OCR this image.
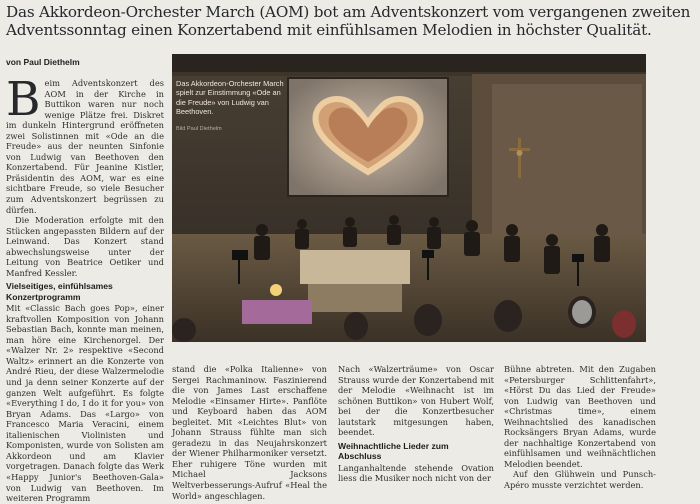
Das Akkordeon-Orchester March (AOM) bot am Adventskonzert vom vergangenen zweiten Adventssonntag einen Konzertabend mit einfühlsamen Melodien in höchster Qualität.
von Paul Diethelm
Das Akkordeon-Orchester March spielt zur Einstimmung «Ode an die Freude» von Ludwig van Beethoven.
Bild Paul Diethelm
B eim Adventskonzert des AOM in der Kirche in Buttikon waren nur noch wenige Plätze frei. Diskret im dunkeln Hintergrund eröffneten zwei Solistinnen mit «Ode an die Freude» aus der neunten Sinfonie von Ludwig van Beethoven den Konzertabend. Für Jeanine Kistler, Präsidentin des AOM, war es eine sichtbare Freude, so viele Besucher zum Adventskonzert begrüssen zu dürfen.

Die Moderation erfolgte mit den Stücken angepassten Bildern auf der Leinwand. Das Konzert stand abwechslungsweise unter der Leitung von Beatrice Oetiker und Manfred Kessler.

Vielseitiges, einfühlsames Konzertprogramm

Mit «Classic Bach goes Pop», einer kraftvollen Komposition von Johann Sebastian Bach, konnte man meinen, man höre eine Kirchenorgel. Der «Walzer Nr. 2» respektive «Second Waltz» erinnert an die Konzerte von André Rieu, der diese Walzermelodie und ja denn seiner Konzerte auf der ganzen Welt aufgeführt. Es folgte «Everything I do, I do it for you» von Bryan Adams. Das «Largo» von Francesco Maria Veracini, einem italienischen Violinisten und Komponisten, wurde von Solisten am Akkordeon und am Klavier vorgetragen. Danach folgte das Werk «Happy Junior's Beethoven-Gala» von Ludwig van Beethoven. Im weiteren Programm

stand die «Polka Italienne» von Sergei Rachmaninow. Faszinierend die von James Last erschaffene Melodie «Einsamer Hirte». Panflöte und Keyboard haben das AOM begleitet. Mit «Leichtes Blut» von Johann Strauss fühlte man sich geradezu in das Neujahrskonzert der Wiener Philharmoniker versetzt. Eher ruhigere Töne wurden mit Michael Jacksons Weltverbesserungs-Aufruf «Heal the World» angeschlagen.

Nach «Walzerträume» von Oscar Strauss wurde der Konzertabend mit der Melodie «Weihnacht ist im schönen Buttikon» von Hubert Wolf, bei der die Konzertbesucher lautstark mitgesungen haben, beendet.

Weihnachtliche Lieder zum Abschluss

Langanhaltende stehende Ovation liess die Musiker noch nicht von der

Bühne abtreten. Mit den Zugaben «Petersburger Schlittenfahrt», «Hörst Du das Lied der Freude» von Ludwig van Beethoven und «Christmas time», einem Weihnachtslied des kanadischen Rocksängers Bryan Adams, wurde der nachhaltige Konzertabend von einfühlsamen und weihnächtlichen Melodien beendet.

Auf den Glühwein und Punsch-Apéro musste verzichtet werden.
